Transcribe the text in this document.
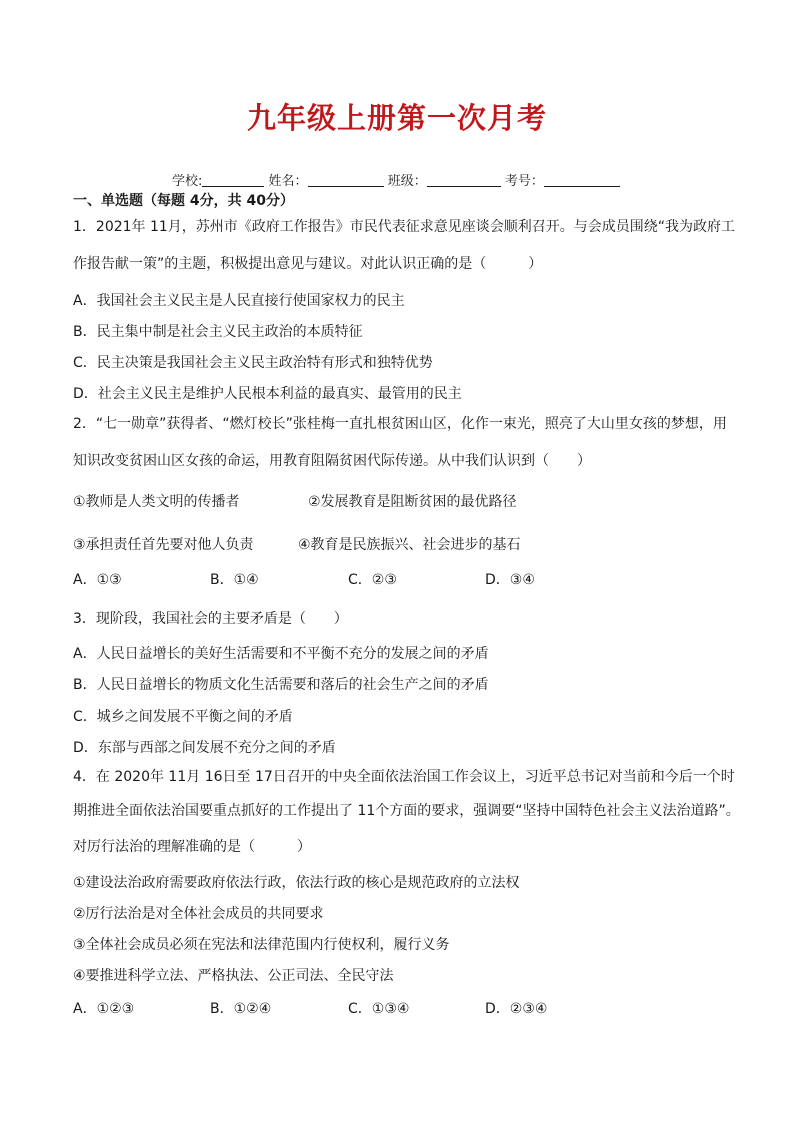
九年级上册第一次月考
学校:	姓名：	班级：	考号：
一、单选题（每题 4分，共 40分）
1．2021年 11月，苏州市《政府工作报告》市民代表征求意见座谈会顺利召开。与会成员围绕“我为政府工
作报告献一策”的主题，积极提出意见与建议。对此认识正确的是（　　　）
A．我国社会主义民主是人民直接行使国家权力的民主
B．民主集中制是社会主义民主政治的本质特征
C．民主决策是我国社会主义民主政治特有形式和独特优势
D．社会主义民主是维护人民根本利益的最真实、最管用的民主
2．“七一勋章”获得者、“燃灯校长”张桂梅一直扎根贫困山区，化作一束光，照亮了大山里女孩的梦想，用
知识改变贫困山区女孩的命运，用教育阻隔贫困代际传递。从中我们认识到（　　）
①教师是人类文明的传播者	②发展教育是阻断贫困的最优路径
③承担责任首先要对他人负责	④教育是民族振兴、社会进步的基石
A．①③	B．①④	C．②③	D．③④
3．现阶段，我国社会的主要矛盾是（　　）
A．人民日益增长的美好生活需要和不平衡不充分的发展之间的矛盾
B．人民日益增长的物质文化生活需要和落后的社会生产之间的矛盾
C．城乡之间发展不平衡之间的矛盾
D．东部与西部之间发展不充分之间的矛盾
4．在 2020年 11月 16日至 17日召开的中央全面依法治国工作会议上，习近平总书记对当前和今后一个时
期推进全面依法治国要重点抓好的工作提出了 11个方面的要求，强调要“坚持中国特色社会主义法治道路”。
对厉行法治的理解准确的是（　　　）
①建设法治政府需要政府依法行政，依法行政的核心是规范政府的立法权
②厉行法治是对全体社会成员的共同要求
③全体社会成员必须在宪法和法律范围内行使权利，履行义务
④要推进科学立法、严格执法、公正司法、全民守法
A．①②③	B．①②④	C．①③④	D．②③④
